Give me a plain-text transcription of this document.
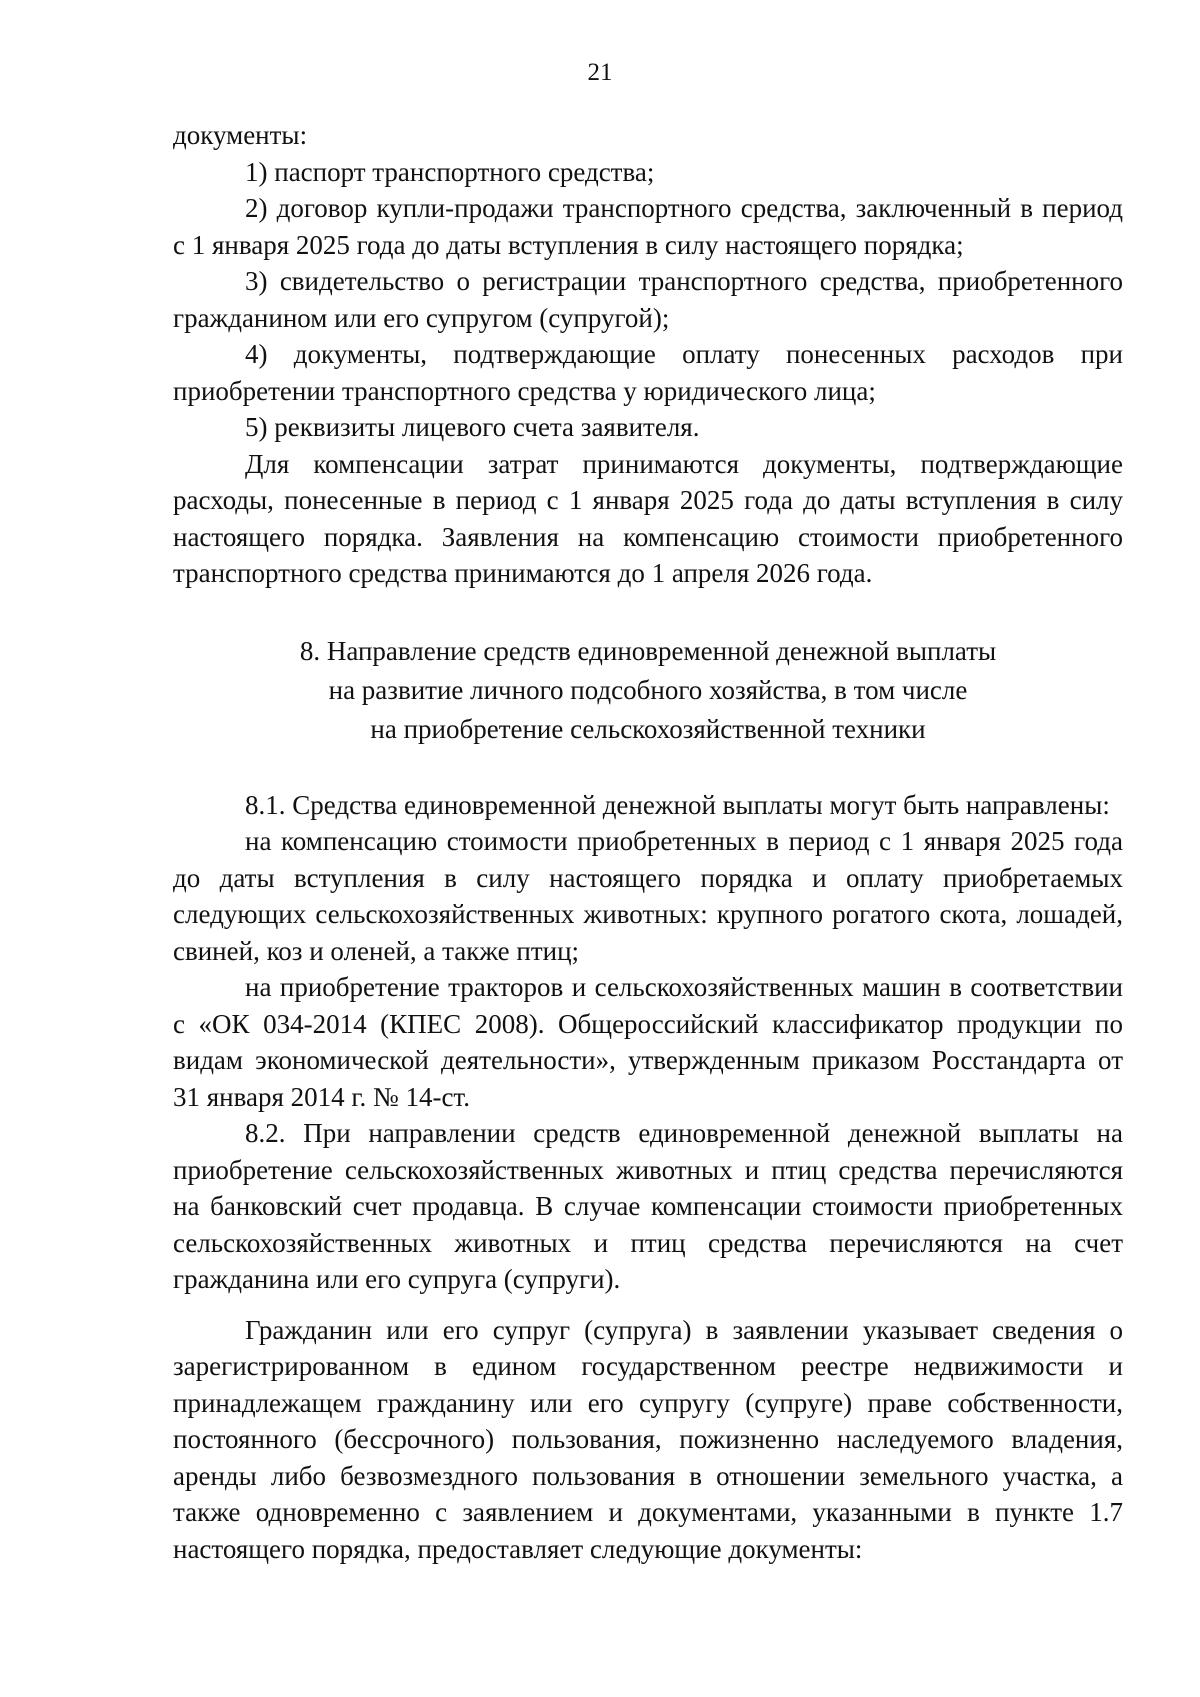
21

документы:

1) паспорт транспортного средства;

2) договор купли-продажи транспортного средства, заключенный в период с 1 января 2025 года до даты вступления в силу настоящего порядка;

3) свидетельство о регистрации транспортного средства, приобретенного гражданином или его супругом (супругой);

4) документы, подтверждающие оплату понесенных расходов при приобретении транспортного средства у юридического лица;

5) реквизиты лицевого счета заявителя.

Для компенсации затрат принимаются документы, подтверждающие расходы, понесенные в период с 1 января 2025 года до даты вступления в силу настоящего порядка. Заявления на компенсацию стоимости приобретенного транспортного средства принимаются до 1 апреля 2026 года.

8. Направление средств единовременной денежной выплаты

на развитие личного подсобного хозяйства, в том числе

на приобретение сельскохозяйственной техники

8.1. Средства единовременной денежной выплаты могут быть направлены:

на компенсацию стоимости приобретенных в период с 1 января 2025 года до даты вступления в силу настоящего порядка и оплату приобретаемых следующих сельскохозяйственных животных: крупного рогатого скота, лошадей, свиней, коз и оленей, а также птиц;

на приобретение тракторов и сельскохозяйственных машин в соответствии с «ОК 034-2014 (КПЕС 2008). Общероссийский классификатор продукции по видам экономической деятельности», утвержденным приказом Росстандарта от 31 января 2014 г. № 14-ст.

8.2. При направлении средств единовременной денежной выплаты на приобретение сельскохозяйственных животных и птиц средства перечисляются на банковский счет продавца. В случае компенсации стоимости приобретенных сельскохозяйственных животных и птиц средства перечисляются на счет гражданина или его супруга (супруги).

Гражданин или его супруг (супруга) в заявлении указывает сведения о зарегистрированном в едином государственном реестре недвижимости и принадлежащем гражданину или его супругу (супруге) праве собственности, постоянного (бессрочного) пользования, пожизненно наследуемого владения, аренды либо безвозмездного пользования в отношении земельного участка, а также одновременно с заявлением и документами, указанными в пункте 1.7 настоящего порядка, предоставляет следующие документы:
